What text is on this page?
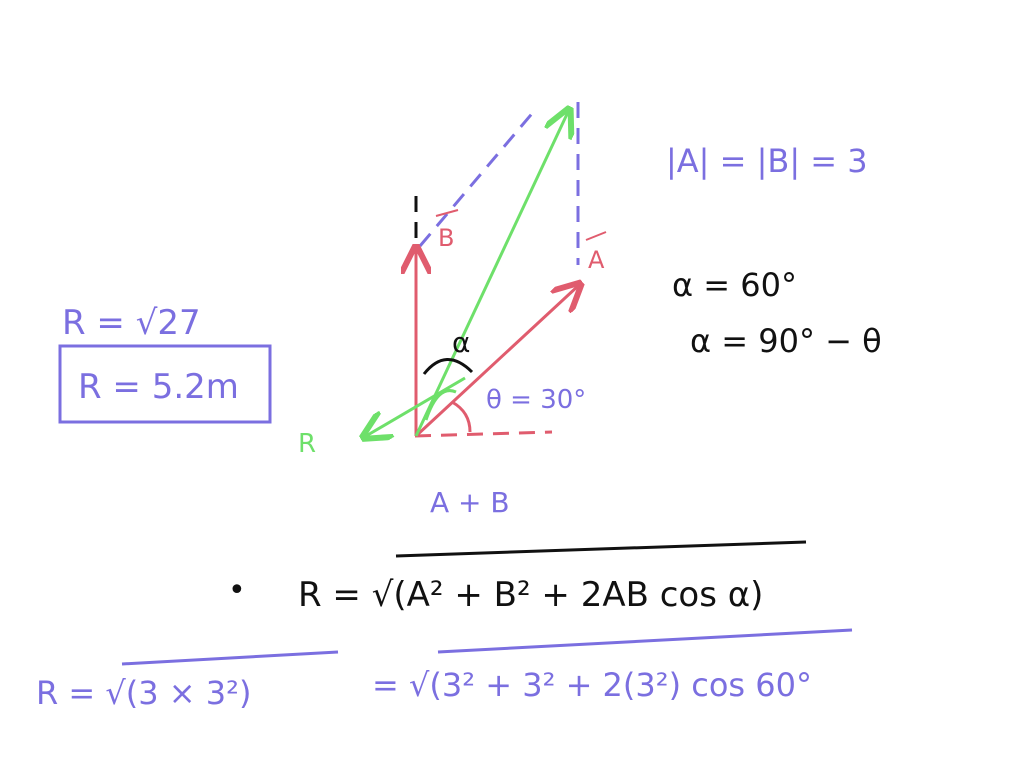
B
A
R
θ = 30°
α
A + B
|A| = |B| = 3
α = 60°
α = 90° − θ
R = √27
R = 5.2m
• R = √(A² + B² + 2AB cos α)
R = √(3 × 3²)	= √(3² + 3² + 2(3²) cos 60°
